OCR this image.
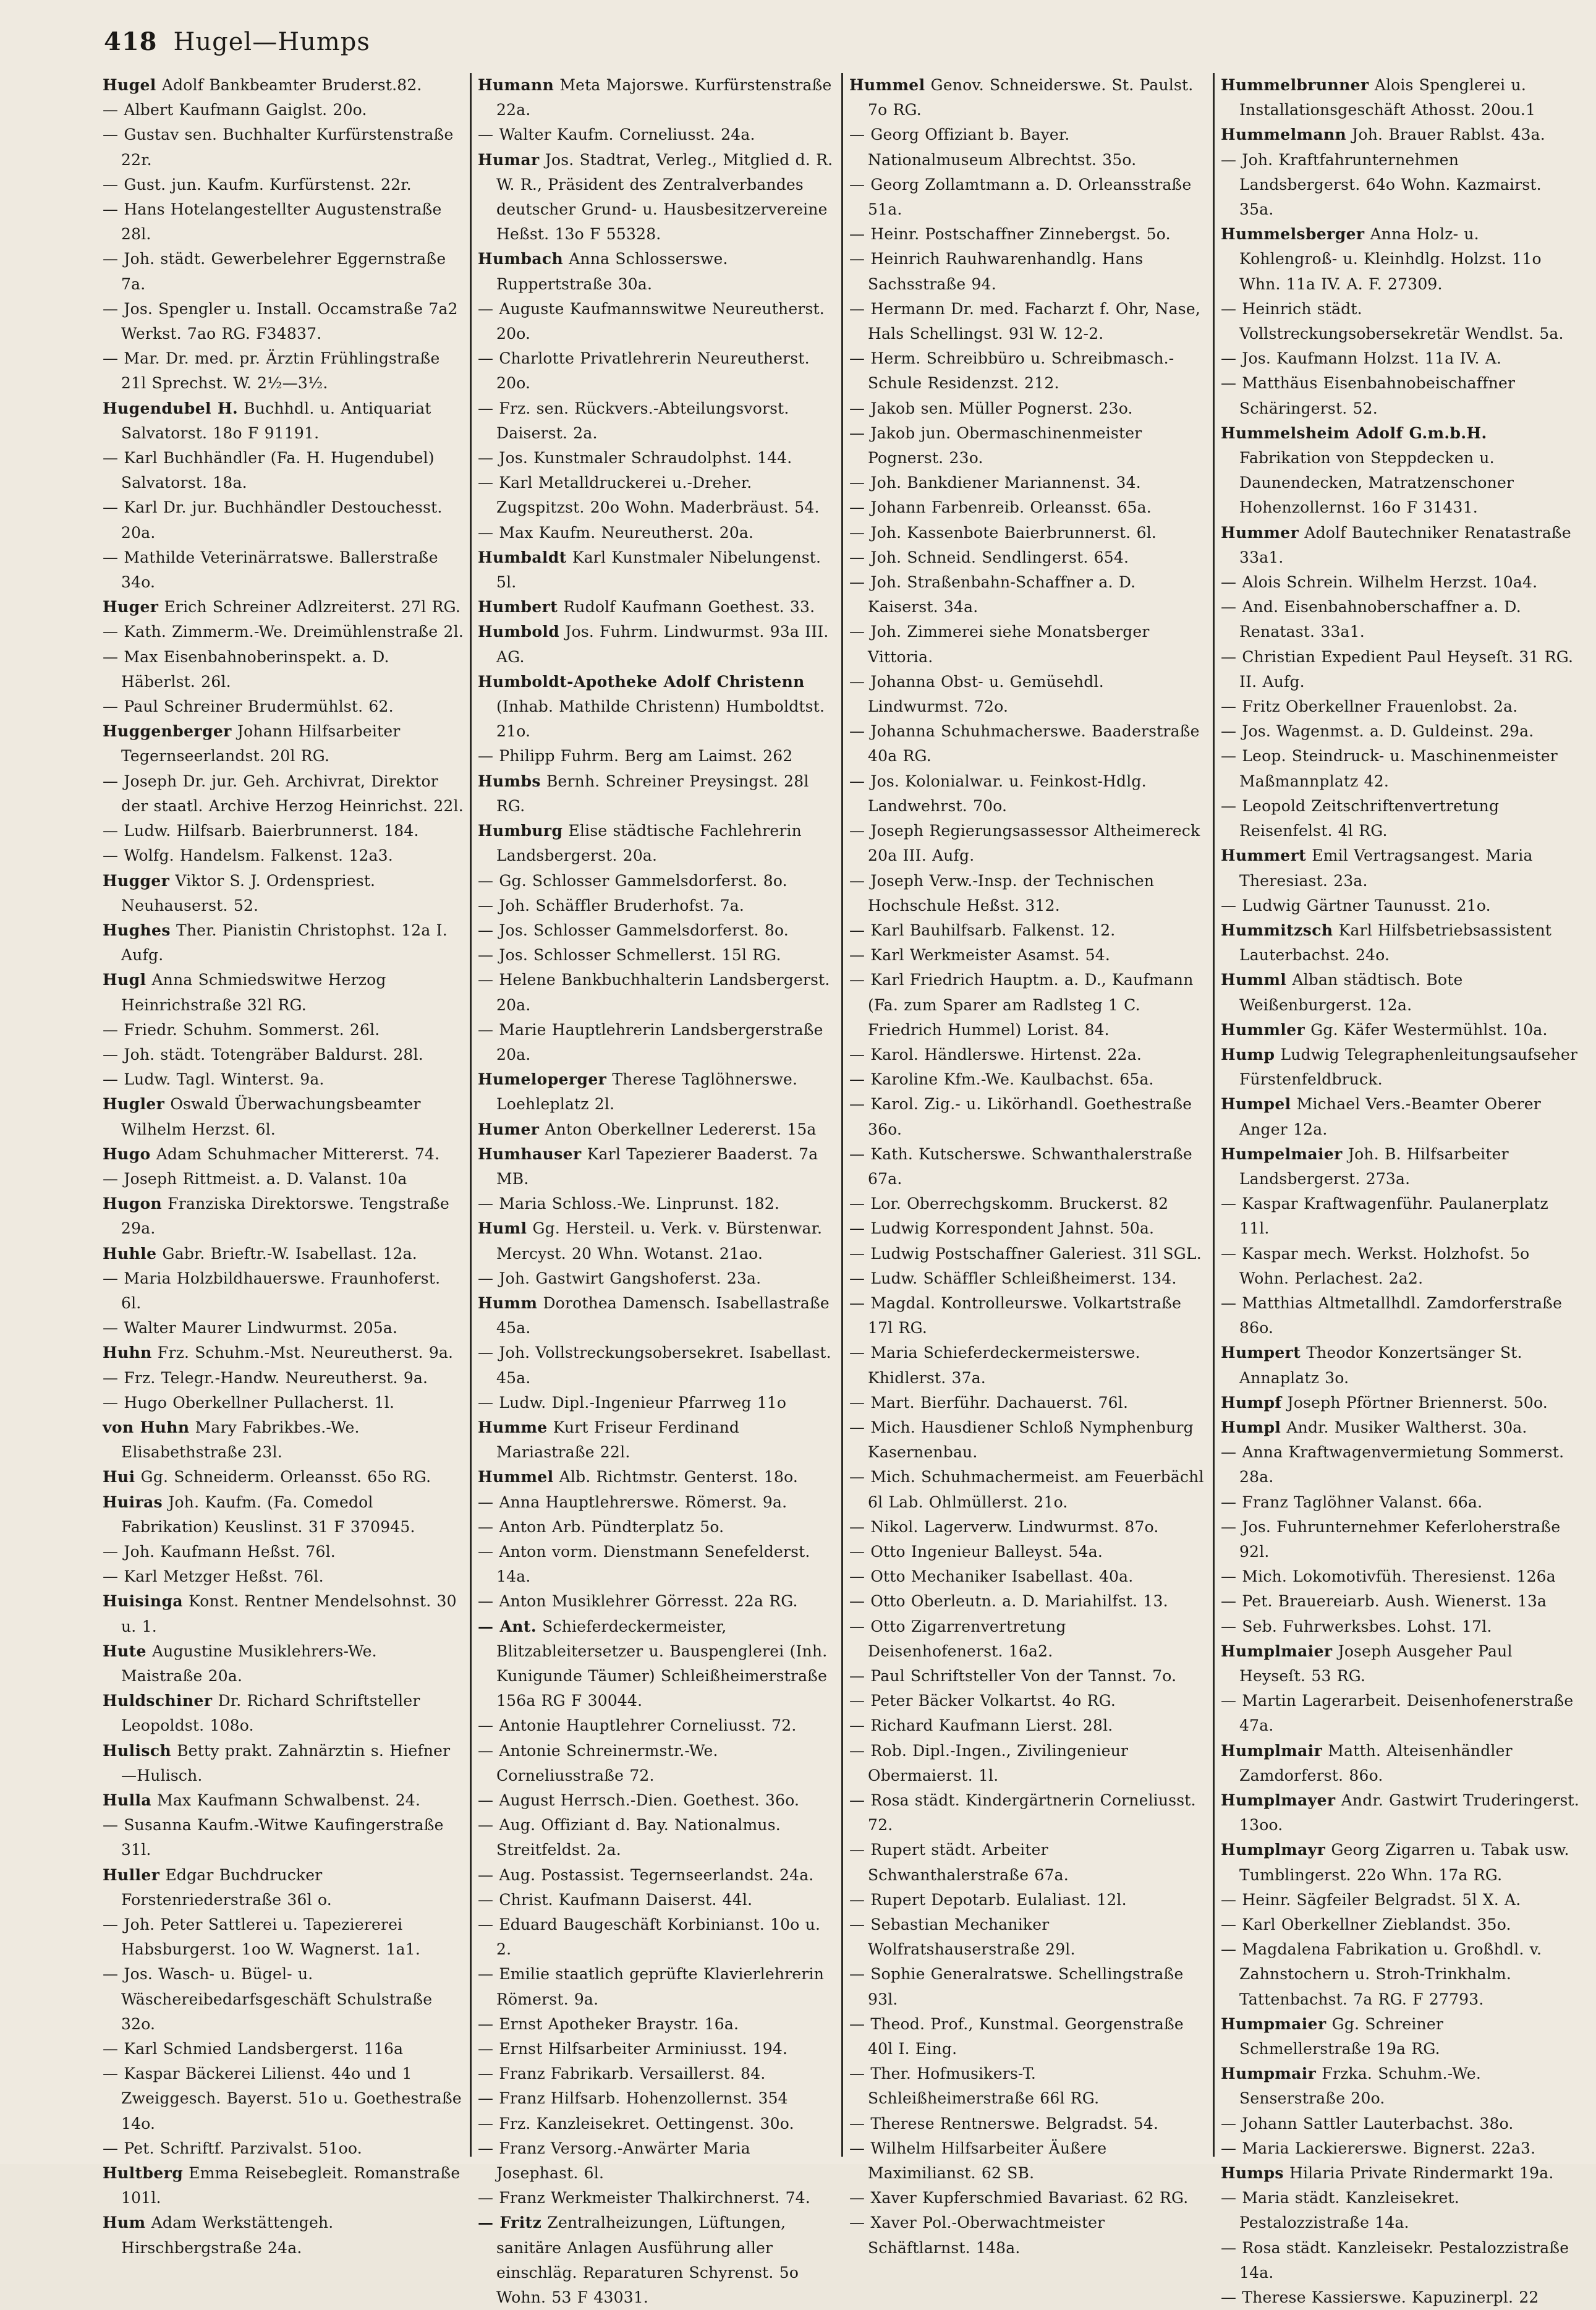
418 Hugel—Humps

Hugel Adolf Bankbeamter Bruderst.82.

— Albert Kaufmann Gaiglst. 20o.

— Gustav sen. Buchhalter Kurfürstenstraße 22r.

— Gust. jun. Kaufm. Kurfürstenst. 22r.

— Hans Hotelangestellter Augustenstraße 28l.

— Joh. städt. Gewerbelehrer Eggernstraße 7a.

— Jos. Spengler u. Install. Occamstraße 7a2 Werkst. 7ao RG. F34837.

— Mar. Dr. med. pr. Ärztin Frühlingstraße 21l Sprechst. W. 2½—3½.

Hugendubel H. Buchhdl. u. Antiquariat Salvatorst. 18o F 91191.

— Karl Buchhändler (Fa. H. Hugendubel) Salvatorst. 18a.

— Karl Dr. jur. Buchhändler Destouchesst. 20a.

— Mathilde Veterinärratswe. Ballerstraße 34o.

Huger Erich Schreiner Adlzreiterst. 27l RG.

— Kath. Zimmerm.-We. Dreimühlenstraße 2l.

— Max Eisenbahnoberinspekt. a. D. Häberlst. 26l.

— Paul Schreiner Brudermühlst. 62.

Huggenberger Johann Hilfsarbeiter Tegernseerlandst. 20l RG.

— Joseph Dr. jur. Geh. Archivrat, Direktor der staatl. Archive Herzog Heinrichst. 22l.

— Ludw. Hilfsarb. Baierbrunnerst. 184.

— Wolfg. Handelsm. Falkenst. 12a3.

Hugger Viktor S. J. Ordenspriest. Neuhauserst. 52.

Hughes Ther. Pianistin Christophst. 12a I. Aufg.

Hugl Anna Schmiedswitwe Herzog Heinrichstraße 32l RG.

— Friedr. Schuhm. Sommerst. 26l.

— Joh. städt. Totengräber Baldurst. 28l.

— Ludw. Tagl. Winterst. 9a.

Hugler Oswald Überwachungsbeamter Wilhelm Herzst. 6l.

Hugo Adam Schuhmacher Mittererst. 74.

— Joseph Rittmeist. a. D. Valanst. 10a

Hugon Franziska Direktorswe. Tengstraße 29a.

Huhle Gabr. Brieftr.-W. Isabellast. 12a.

— Maria Holzbildhauerswe. Fraunhoferst. 6l.

— Walter Maurer Lindwurmst. 205a.

Huhn Frz. Schuhm.-Mst. Neureutherst. 9a.

— Frz. Telegr.-Handw. Neureutherst. 9a.

— Hugo Oberkellner Pullacherst. 1l.

von Huhn Mary Fabrikbes.-We. Elisabethstraße 23l.

Hui Gg. Schneiderm. Orleansst. 65o RG.

Huiras Joh. Kaufm. (Fa. Comedol Fabrikation) Keuslinst. 31 F 370945.

— Joh. Kaufmann Heßst. 76l.

— Karl Metzger Heßst. 76l.

Huisinga Konst. Rentner Mendelsohnst. 30 u. 1.

Hute Augustine Musiklehrers-We. Maistraße 20a.

Huldschiner Dr. Richard Schriftsteller Leopoldst. 108o.

Hulisch Betty prakt. Zahnärztin s. Hiefner—Hulisch.

Hulla Max Kaufmann Schwalbenst. 24.

— Susanna Kaufm.-Witwe Kaufingerstraße 31l.

Huller Edgar Buchdrucker Forstenriederstraße 36l o.

— Joh. Peter Sattlerei u. Tapeziererei Habsburgerst. 1oo W. Wagnerst. 1a1.

— Jos. Wasch- u. Bügel- u. Wäschereibedarfsgeschäft Schulstraße 32o.

— Karl Schmied Landsbergerst. 116a

— Kaspar Bäckerei Lilienst. 44o und 1 Zweiggesch. Bayerst. 51o u. Goethestraße 14o.

— Pet. Schriftf. Parzivalst. 51oo.

Hultberg Emma Reisebegleit. Romanstraße 101l.

Hum Adam Werkstättengeh. Hirschbergstraße 24a.

Humann Meta Majorswe. Kurfürstenstraße 22a.

— Walter Kaufm. Corneliusst. 24a.

Humar Jos. Stadtrat, Verleg., Mitglied d. R. W. R., Präsident des Zentralverbandes deutscher Grund- u. Hausbesitzervereine Heßst. 13o F 55328.

Humbach Anna Schlosserswe. Ruppertstraße 30a.

— Auguste Kaufmannswitwe Neureutherst. 20o.

— Charlotte Privatlehrerin Neureutherst. 20o.

— Frz. sen. Rückvers.-Abteilungsvorst. Daiserst. 2a.

— Jos. Kunstmaler Schraudolphst. 144.

— Karl Metalldruckerei u.-Dreher. Zugspitzst. 20o Wohn. Maderbräust. 54.

— Max Kaufm. Neureutherst. 20a.

Humbaldt Karl Kunstmaler Nibelungenst. 5l.

Humbert Rudolf Kaufmann Goethest. 33.

Humbold Jos. Fuhrm. Lindwurmst. 93a III. AG.

Humboldt-Apotheke Adolf Christenn (Inhab. Mathilde Christenn) Humboldtst. 21o.

— Philipp Fuhrm. Berg am Laimst. 262

Humbs Bernh. Schreiner Preysingst. 28l RG.

Humburg Elise städtische Fachlehrerin Landsbergerst. 20a.

— Gg. Schlosser Gammelsdorferst. 8o.

— Joh. Schäffler Bruderhofst. 7a.

— Jos. Schlosser Gammelsdorferst. 8o.

— Jos. Schlosser Schmellerst. 15l RG.

— Helene Bankbuchhalterin Landsbergerst. 20a.

— Marie Hauptlehrerin Landsbergerstraße 20a.

Humeloperger Therese Taglöhnerswe. Loehleplatz 2l.

Humer Anton Oberkellner Ledererst. 15a

Humhauser Karl Tapezierer Baaderst. 7a MB.

— Maria Schloss.-We. Linprunst. 182.

Huml Gg. Hersteil. u. Verk. v. Bürstenwar. Mercyst. 20 Whn. Wotanst. 21ao.

— Joh. Gastwirt Gangshoferst. 23a.

Humm Dorothea Damensch. Isabellastraße 45a.

— Joh. Vollstreckungsobersekret. Isabellast. 45a.

— Ludw. Dipl.-Ingenieur Pfarrweg 11o

Humme Kurt Friseur Ferdinand Mariastraße 22l.

Hummel Alb. Richtmstr. Genterst. 18o.

— Anna Hauptlehrerswe. Römerst. 9a.

— Anton Arb. Pündterplatz 5o.

— Anton vorm. Dienstmann Senefelderst. 14a.

— Anton Musiklehrer Görresst. 22a RG.

— Ant. Schieferdeckermeister, Blitzableitersetzer u. Bauspenglerei (Inh. Kunigunde Täumer) Schleißheimerstraße 156a RG F 30044.

— Antonie Hauptlehrer Corneliusst. 72.

— Antonie Schreinermstr.-We. Corneliusstraße 72.

— August Herrsch.-Dien. Goethest. 36o.

— Aug. Offiziant d. Bay. Nationalmus. Streitfeldst. 2a.

— Aug. Postassist. Tegernseerlandst. 24a.

— Christ. Kaufmann Daiserst. 44l.

— Eduard Baugeschäft Korbinianst. 10o u. 2.

— Emilie staatlich geprüfte Klavierlehrerin Römerst. 9a.

— Ernst Apotheker Braystr. 16a.

— Ernst Hilfsarbeiter Arminiusst. 194.

— Franz Fabrikarb. Versaillerst. 84.

— Franz Hilfsarb. Hohenzollernst. 354

— Frz. Kanzleisekret. Oettingenst. 30o.

— Franz Versorg.-Anwärter Maria Josephast. 6l.

— Franz Werkmeister Thalkirchnerst. 74.

— Fritz Zentralheizungen, Lüftungen, sanitäre Anlagen Ausführung aller einschläg. Reparaturen Schyrenst. 5o Wohn. 53 F 43031.

Hummel Genov. Schneiderswe. St. Paulst. 7o RG.

— Georg Offiziant b. Bayer. Nationalmuseum Albrechtst. 35o.

— Georg Zollamtmann a. D. Orleansstraße 51a.

— Heinr. Postschaffner Zinnebergst. 5o.

— Heinrich Rauhwarenhandlg. Hans Sachsstraße 94.

— Hermann Dr. med. Facharzt f. Ohr, Nase, Hals Schellingst. 93l W. 12-2.

— Herm. Schreibbüro u. Schreibmasch.-Schule Residenzst. 212.

— Jakob sen. Müller Pognerst. 23o.

— Jakob jun. Obermaschinenmeister Pognerst. 23o.

— Joh. Bankdiener Mariannenst. 34.

— Johann Farbenreib. Orleansst. 65a.

— Joh. Kassenbote Baierbrunnerst. 6l.

— Joh. Schneid. Sendlingerst. 654.

— Joh. Straßenbahn-Schaffner a. D. Kaiserst. 34a.

— Joh. Zimmerei siehe Monatsberger Vittoria.

— Johanna Obst- u. Gemüsehdl. Lindwurmst. 72o.

— Johanna Schuhmacherswe. Baaderstraße 40a RG.

— Jos. Kolonialwar. u. Feinkost-Hdlg. Landwehrst. 70o.

— Joseph Regierungsassessor Altheimereck 20a III. Aufg.

— Joseph Verw.-Insp. der Technischen Hochschule Heßst. 312.

— Karl Bauhilfsarb. Falkenst. 12.

— Karl Werkmeister Asamst. 54.

— Karl Friedrich Hauptm. a. D., Kaufmann (Fa. zum Sparer am Radlsteg 1 C. Friedrich Hummel) Lorist. 84.

— Karol. Händlerswe. Hirtenst. 22a.

— Karoline Kfm.-We. Kaulbachst. 65a.

— Karol. Zig.- u. Likörhandl. Goethestraße 36o.

— Kath. Kutscherswe. Schwanthalerstraße 67a.

— Lor. Oberrechgskomm. Bruckerst. 82

— Ludwig Korrespondent Jahnst. 50a.

— Ludwig Postschaffner Galeriest. 31l SGL.

— Ludw. Schäffler Schleißheimerst. 134.

— Magdal. Kontrolleurswe. Volkartstraße 17l RG.

— Maria Schieferdeckermeisterswe. Khidlerst. 37a.

— Mart. Bierführ. Dachauerst. 76l.

— Mich. Hausdiener Schloß Nymphenburg Kasernenbau.

— Mich. Schuhmachermeist. am Feuerbächl 6l Lab. Ohlmüllerst. 21o.

— Nikol. Lagerverw. Lindwurmst. 87o.

— Otto Ingenieur Balleyst. 54a.

— Otto Mechaniker Isabellast. 40a.

— Otto Oberleutn. a. D. Mariahilfst. 13.

— Otto Zigarrenvertretung Deisenhofenerst. 16a2.

— Paul Schriftsteller Von der Tannst. 7o.

— Peter Bäcker Volkartst. 4o RG.

— Richard Kaufmann Lierst. 28l.

— Rob. Dipl.-Ingen., Zivilingenieur Obermaierst. 1l.

— Rosa städt. Kindergärtnerin Corneliusst. 72.

— Rupert städt. Arbeiter Schwanthalerstraße 67a.

— Rupert Depotarb. Eulaliast. 12l.

— Sebastian Mechaniker Wolfratshauserstraße 29l.

— Sophie Generalratswe. Schellingstraße 93l.

— Theod. Prof., Kunstmal. Georgenstraße 40l I. Eing.

— Ther. Hofmusikers-T. Schleißheimerstraße 66l RG.

— Therese Rentnerswe. Belgradst. 54.

— Wilhelm Hilfsarbeiter Äußere Maximilianst. 62 SB.

— Xaver Kupferschmied Bavariast. 62 RG.

— Xaver Pol.-Oberwachtmeister Schäftlarnst. 148a.

Hummelbrunner Alois Spenglerei u. Installationsgeschäft Athosst. 20ou.1

Hummelmann Joh. Brauer Rablst. 43a.

— Joh. Kraftfahrunternehmen Landsbergerst. 64o Wohn. Kazmairst. 35a.

Hummelsberger Anna Holz- u. Kohlengroß- u. Kleinhdlg. Holzst. 11o Whn. 11a IV. A. F. 27309.

— Heinrich städt. Vollstreckungsobersekretär Wendlst. 5a.

— Jos. Kaufmann Holzst. 11a IV. A.

— Matthäus Eisenbahnobeischaffner Schäringerst. 52.

Hummelsheim Adolf G.m.b.H. Fabrikation von Steppdecken u. Daunendecken, Matratzenschoner Hohenzollernst. 16o F 31431.

Hummer Adolf Bautechniker Renatastraße 33a1.

— Alois Schrein. Wilhelm Herzst. 10a4.

— And. Eisenbahnoberschaffner a. D. Renatast. 33a1.

— Christian Expedient Paul Heyseſt. 31 RG. II. Aufg.

— Fritz Oberkellner Frauenlobst. 2a.

— Jos. Wagenmst. a. D. Guldeinst. 29a.

— Leop. Steindruck- u. Maschinenmeister Maßmannplatz 42.

— Leopold Zeitschriftenvertretung Reisenfelst. 4l RG.

Hummert Emil Vertragsangest. Maria Theresiast. 23a.

— Ludwig Gärtner Taunusst. 21o.

Hummitzsch Karl Hilfsbetriebsassistent Lauterbachst. 24o.

Humml Alban städtisch. Bote Weißenburgerst. 12a.

Hummler Gg. Käfer Westermühlst. 10a.

Hump Ludwig Telegraphenleitungsaufseher Fürstenfeldbruck.

Humpel Michael Vers.-Beamter Oberer Anger 12a.

Humpelmaier Joh. B. Hilfsarbeiter Landsbergerst. 273a.

— Kaspar Kraftwagenführ. Paulanerplatz 11l.

— Kaspar mech. Werkst. Holzhofst. 5o Wohn. Perlachest. 2a2.

— Matthias Altmetallhdl. Zamdorferstraße 86o.

Humpert Theodor Konzertsänger St. Annaplatz 3o.

Humpf Joseph Pförtner Briennerst. 50o.

Humpl Andr. Musiker Waltherst. 30a.

— Anna Kraftwagenvermietung Sommerst. 28a.

— Franz Taglöhner Valanst. 66a.

— Jos. Fuhrunternehmer Keferloherstraße 92l.

— Mich. Lokomotivfüh. Theresienst. 126a

— Pet. Brauereiarb. Aush. Wienerst. 13a

— Seb. Fuhrwerksbes. Lohst. 17l.

Humplmaier Joseph Ausgeher Paul Heyseſt. 53 RG.

— Martin Lagerarbeit. Deisenhofenerstraße 47a.

Humplmair Matth. Alteisenhändler Zamdorferst. 86o.

Humplmayer Andr. Gastwirt Truderingerst. 13oo.

Humplmayr Georg Zigarren u. Tabak usw. Tumblingerst. 22o Whn. 17a RG.

— Heinr. Sägfeiler Belgradst. 5l X. A.

— Karl Oberkellner Zieblandst. 35o.

— Magdalena Fabrikation u. Großhdl. v. Zahnstochern u. Stroh-Trinkhalm. Tattenbachst. 7a RG. F 27793.

Humpmaier Gg. Schreiner Schmellerstraße 19a RG.

Humpmair Frzka. Schuhm.-We. Senserstraße 20o.

— Johann Sattler Lauterbachst. 38o.

— Maria Lackiererswe. Bignerst. 22a3.

Humps Hilaria Private Rindermarkt 19a.

— Maria städt. Kanzleisekret. Pestalozzistraße 14a.

— Rosa städt. Kanzleisekr. Pestalozzistraße 14a.

— Therese Kassierswe. Kapuzinerpl. 22
